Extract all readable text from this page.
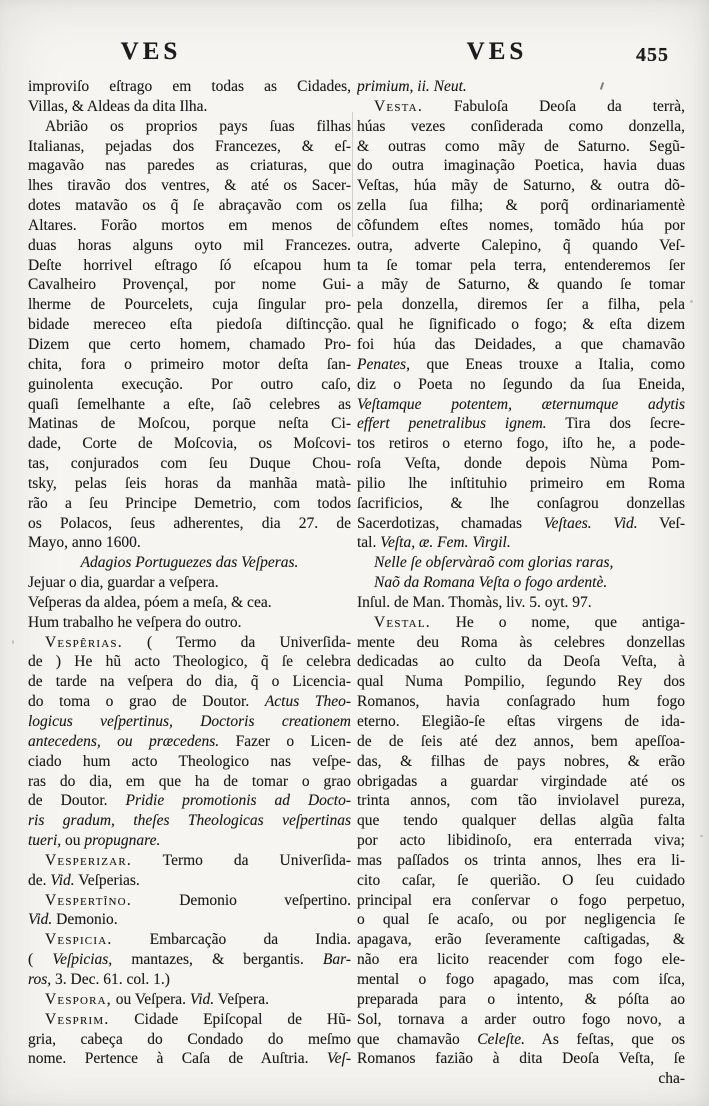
VES	VES	455
improviſo eſtrago em todas as Cidades,
Villas, & Aldeas da dita Ilha.
Abrião os proprios pays ſuas filhas
Italianas, pejadas dos Francezes, & eſ-
magavão nas paredes as criaturas, que
lhes tiravão dos ventres, & até os Sacer-
dotes matavão os q̃ ſe abraçavão com os
Altares. Forão mortos em menos de
duas horas alguns oyto mil Francezes.
Deſte horrivel eſtrago ſó eſcapou hum
Cavalheiro Provençal, por nome Gui-
lherme de Pourcelets, cuja ſingular pro-
bidade mereceo eſta piedoſa diſtincção.
Dizem que certo homem, chamado Pro-
chita, fora o primeiro motor deſta ſan-
guinolenta execução. Por outro caſo,
quaſi ſemelhante a eſte, ſaõ celebres as
Matinas de Moſcou, porque neſta Ci-
dade, Corte de Moſcovia, os Moſcovi-
tas, conjurados com ſeu Duque Chou-
tsky, pelas ſeis horas da manhãa matà-
rão a ſeu Principe Demetrio, com todos
os Polacos, ſeus adherentes, dia 27. de
Mayo, anno 1600.
Adagios Portuguezes das Veſperas.
Jejuar o dia, guardar a veſpera.
Veſperas da aldea, póem a meſa, & cea.
Hum trabalho he veſpera do outro.
Vespêrias. ( Termo da Univerſida-
de ) He hũ acto Theologico, q̃ ſe celebra
de tarde na veſpera do dia, q̃ o Licencia-
do toma o grao de Doutor. Actus Theo-
logicus veſpertinus, Doctoris creationem
antecedens, ou præcedens. Fazer o Licen-
ciado hum acto Theologico nas veſpe-
ras do dia, em que ha de tomar o grao
de Doutor. Pridie promotionis ad Docto-
ris gradum, theſes Theologicas veſpertinas
tueri, ou propugnare.
Vesperizar. Termo da Univerſida-
de. Vid. Veſperias.
Vespertîno. Demonio veſpertino.
Vid. Demonio.
Vespicia. Embarcação da India.
( Veſpicias, mantazes, & bergantis. Bar-
ros, 3. Dec. 61. col. 1.)
Vespora, ou Veſpera. Vid. Veſpera.
Vesprim. Cidade Epiſcopal de Hũ-
gria, cabeça do Condado do meſmo
nome. Pertence à Caſa de Auſtria. Veſ-
primium, ii. Neut.
Vesta. Fabuloſa Deoſa da terrà,
húas vezes conſiderada como donzella,
& outras como mãy de Saturno. Segũ-
do outra imaginação Poetica, havia duas
Veſtas, húa mãy de Saturno, & outra dõ-
zella ſua filha; & porq̃ ordinariamentè
cõfundem eſtes nomes, tomãdo húa por
outra, adverte Calepino, q̃ quando Veſ-
ta ſe tomar pela terra, entenderemos ſer
a mãy de Saturno, & quando ſe tomar
pela donzella, diremos ſer a filha, pela
qual he ſignificado o fogo; & eſta dizem
foi húa das Deidades, a que chamavão
Penates, que Eneas trouxe a Italia, como
diz o Poeta no ſegundo da ſua Eneida,
Veſtamque potentem, æternumque adytis
effert penetralibus ignem. Tira dos ſecre-
tos retiros o eterno fogo, iſto he, a pode-
roſa Veſta, donde depois Nùma Pom-
pilio lhe inſtituhio primeiro em Roma
ſacrificios, & lhe conſagrou donzellas
Sacerdotizas, chamadas Veſtaes. Vid. Veſ-
tal. Veſta, æ. Fem. Virgil.
Nelle ſe obſervàraõ com glorias raras,
Naõ da Romana Veſta o fogo ardentè.
Inſul. de Man. Thomàs, liv. 5. oyt. 97.
Vestal. He o nome, que antiga-
mente deu Roma às celebres donzellas
dedicadas ao culto da Deoſa Veſta, à
qual Numa Pompilio, ſegundo Rey dos
Romanos, havia conſagrado hum fogo
eterno. Elegião-ſe eſtas virgens de ida-
de de ſeis até dez annos, bem apeſſoa-
das, & filhas de pays nobres, & erão
obrigadas a guardar virgindade até os
trinta annos, com tão inviolavel pureza,
que tendo qualquer dellas algũa falta
por acto libidinoſo, era enterrada viva;
mas paſſados os trinta annos, lhes era li-
cito caſar, ſe querião. O ſeu cuidado
principal era conſervar o fogo perpetuo,
o qual ſe acaſo, ou por negligencia ſe
apagava, erão ſeveramente caſtigadas, &
não era licito reacender com fogo ele-
mental o fogo apagado, mas com iſca,
preparada para o intento, & póſta ao
Sol, tornava a arder outro fogo novo, a
que chamavão Celeſte. As feſtas, que os
Romanos fazião à dita Deoſa Veſta, ſe
cha-
